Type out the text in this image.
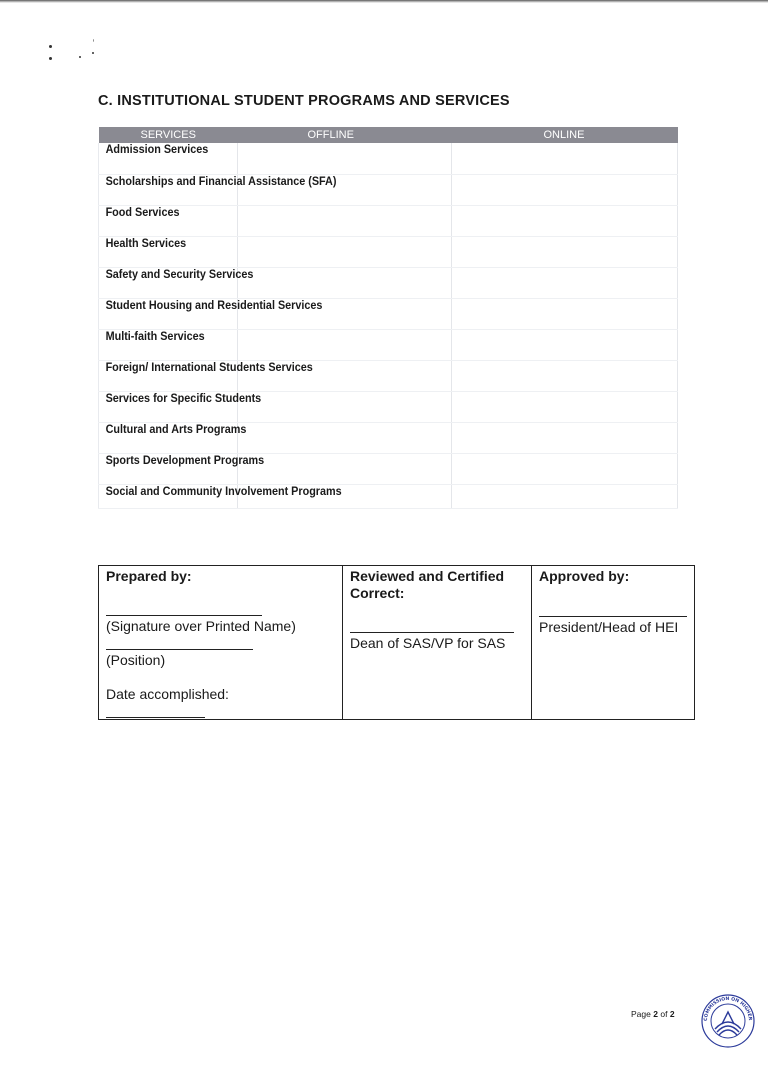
C. INSTITUTIONAL STUDENT PROGRAMS AND SERVICES
SERVICES	OFFLINE	ONLINE

Admission Services		

Scholarships and Financial Assistance (SFA)		

Food Services		

Health Services		

Safety and Security Services		

Student Housing and Residential Services		

Multi-faith Services		

Foreign/ International Students Services		

Services for Specific Students		

Cultural and Arts Programs		

Sports Development Programs		

Social and Community Involvement Programs		

Prepared by:
(Signature over Printed Name)
(Position)
Date accomplished:
Reviewed and Certified Correct:
Dean of SAS/VP for SAS
Approved by:
President/Head of HEI
Page 2 of 2
COMMISSION ON HIGHER
